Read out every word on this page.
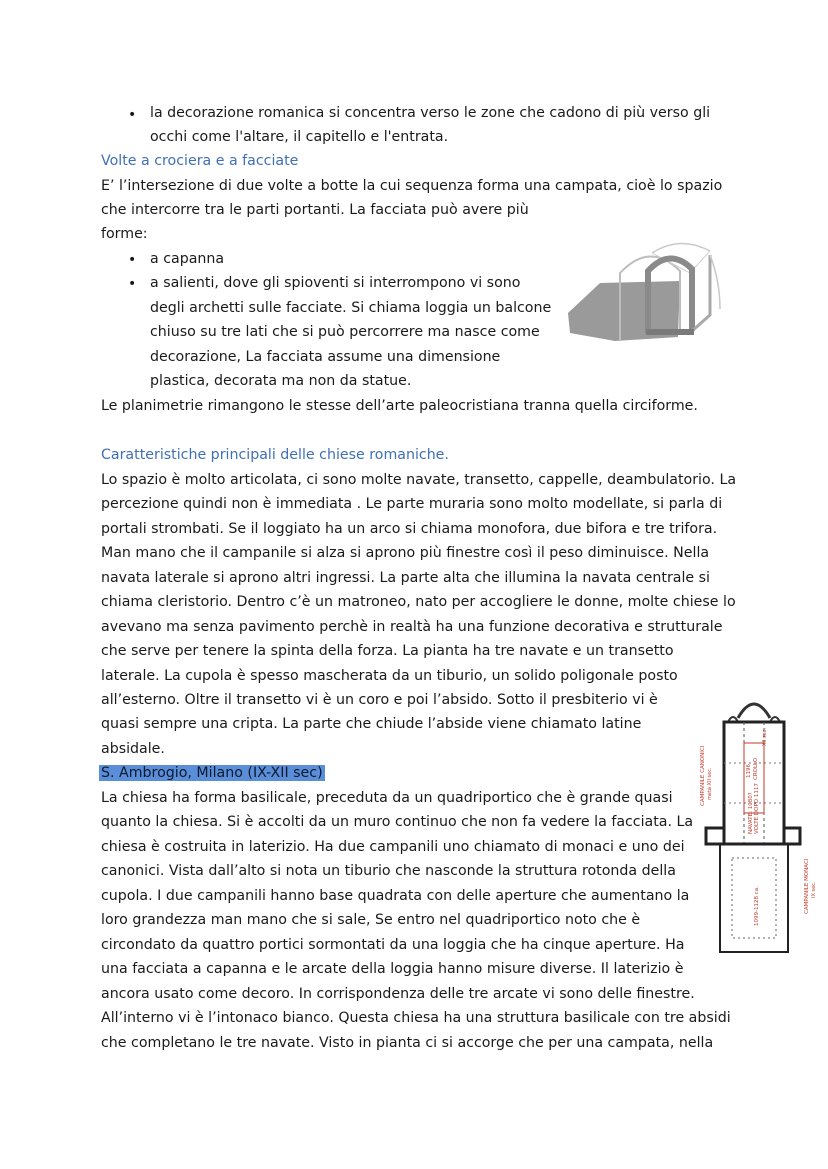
• la decorazione romanica si concentra verso le zone che cadono di più verso gli
occhi come l'altare, il capitello e l'entrata.
Volte a crociera e a facciate
E’ l’intersezione di due volte a botte la cui sequenza forma una campata, cioè lo spazio
che intercorre tra le parti portanti. La facciata può avere più
forme:
• a capanna
• a salienti, dove gli spioventi si interrompono vi sono
degli archetti sulle facciate. Si chiama loggia un balcone
chiuso su tre lati che si può percorrere ma nasce come
decorazione, La facciata assume una dimensione
plastica, decorata ma non da statue.
Le planimetrie rimangono le stesse dell’arte paleocristiana tranna quella circiforme.
Caratteristiche principali delle chiese romaniche.
Lo spazio è molto articolata, ci sono molte navate, transetto, cappelle, deambulatorio. La
percezione quindi non è immediata . Le parte muraria sono molto modellate, si parla di
portali strombati. Se il loggiato ha un arco si chiama monofora, due bifora e tre trifora.
Man mano che il campanile si alza si aprono più finestre così il peso diminuisce. Nella
navata laterale si aprono altri ingressi. La parte alta che illumina la navata centrale si
chiama cleristorio. Dentro c’è un matroneo, nato per accogliere le donne, molte chiese lo
avevano ma senza pavimento perchè in realtà ha una funzione decorativa e strutturale
che serve per tenere la spinta della forza. La pianta ha tre navate e un transetto
laterale. La cupola è spesso mascherata da un tiburio, un solido poligonale posto
all’esterno. Oltre il transetto vi è un coro e poi l’absido. Sotto il presbiterio vi è
quasi sempre una cripta. La parte che chiude l’abside viene chiamato latine
absidale.
S. Ambrogio, Milano (IX-XII sec)
La chiesa ha forma basilicale, preceduta da un quadriportico che è grande quasi
quanto la chiesa. Si è accolti da un muro continuo che non fa vedere la facciata. La
chiesa è costruita in laterizio. Ha due campanili uno chiamato di monaci e uno dei
canonici. Vista dall’alto si nota un tiburio che nasconde la struttura rotonda della
cupola. I due campanili hanno base quadrata con delle aperture che aumentano la
loro grandezza man mano che si sale, Se entro nel quadriportico noto che è
circondato da quattro portici sormontati da una loggia che ha cinque aperture. Ha
una facciata a capanna e le arcate della loggia hanno misure diverse. Il laterizio è
ancora usato come decoro. In corrispondenza delle tre arcate vi sono delle finestre.
All’interno vi è l’intonaco bianco. Questa chiesa ha una struttura basilicale con tre absidi
che completano le tre navate. Visto in pianta ci si accorge che per una campata, nella
CAMPANILE CANONICI metà XII sec.
NAVATE: 1080? VOLTE DOPO 1117
1196 CROLLO
XII sec.
1099-1128 ca.	CAMPANILE MONACI IX sec.
